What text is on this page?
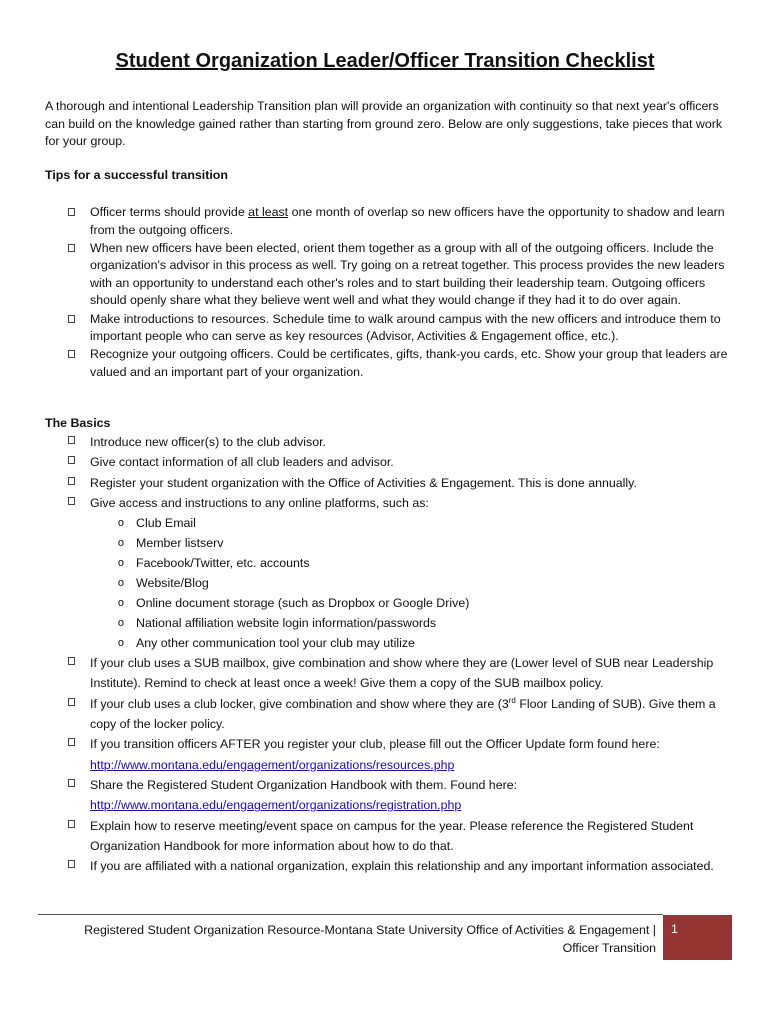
Student Organization Leader/Officer Transition Checklist

A thorough and intentional Leadership Transition plan will provide an organization with continuity so that next year's officers can build on the knowledge gained rather than starting from ground zero. Below are only suggestions, take pieces that work for your group.

Tips for a successful transition

Officer terms should provide at least one month of overlap so new officers have the opportunity to shadow and learn from the outgoing officers.
When new officers have been elected, orient them together as a group with all of the outgoing officers. Include the organization's advisor in this process as well. Try going on a retreat together. This process provides the new leaders with an opportunity to understand each other's roles and to start building their leadership team. Outgoing officers should openly share what they believe went well and what they would change if they had it to do over again.
Make introductions to resources. Schedule time to walk around campus with the new officers and introduce them to important people who can serve as key resources (Advisor, Activities & Engagement office, etc.).
Recognize your outgoing officers. Could be certificates, gifts, thank-you cards, etc. Show your group that leaders are valued and an important part of your organization.

The Basics

Introduce new officer(s) to the club advisor.
Give contact information of all club leaders and advisor.
Register your student organization with the Office of Activities & Engagement. This is done annually.
Give access and instructions to any online platforms, such as:
o Club Email
o Member listserv
o Facebook/Twitter, etc. accounts
o Website/Blog
o Online document storage (such as Dropbox or Google Drive)
o National affiliation website login information/passwords
o Any other communication tool your club may utilize
If your club uses a SUB mailbox, give combination and show where they are (Lower level of SUB near Leadership Institute). Remind to check at least once a week! Give them a copy of the SUB mailbox policy.
If your club uses a club locker, give combination and show where they are (3rd Floor Landing of SUB). Give them a copy of the locker policy.
If you transition officers AFTER you register your club, please fill out the Officer Update form found here:
http://www.montana.edu/engagement/organizations/resources.php
Share the Registered Student Organization Handbook with them. Found here:
http://www.montana.edu/engagement/organizations/registration.php
Explain how to reserve meeting/event space on campus for the year. Please reference the Registered Student Organization Handbook for more information about how to do that.
If you are affiliated with a national organization, explain this relationship and any important information associated.
Registered Student Organization Resource-Montana State University Office of Activities & Engagement |
Officer Transition
1
